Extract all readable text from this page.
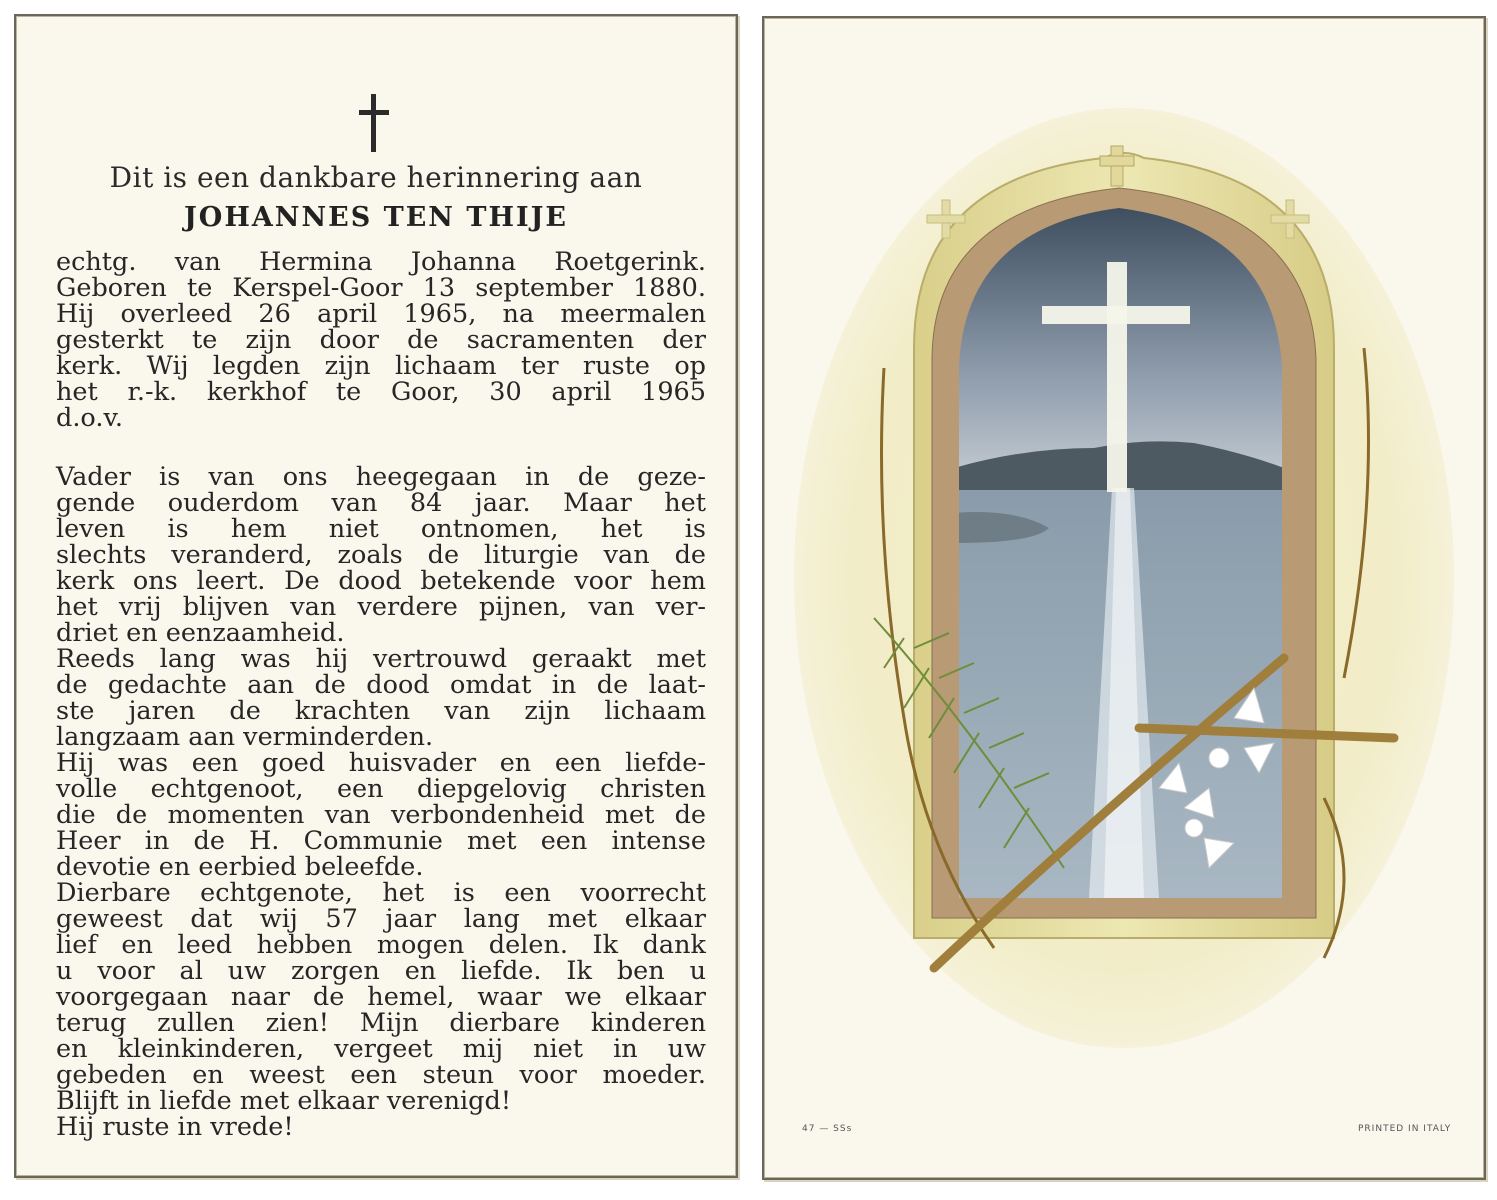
Dit is een dankbare herinnering aan
JOHANNES TEN THIJE
echtg. van Hermina Johanna Roetgerink.
Geboren te Kerspel-Goor 13 september 1880.
Hij overleed 26 april 1965, na meermalen
gesterkt te zijn door de sacramenten der
kerk. Wij legden zijn lichaam ter ruste op
het r.-k. kerkhof te Goor, 30 april 1965
d.o.v.
Vader is van ons heegegaan in de geze-
gende ouderdom van 84 jaar. Maar het
leven is hem niet ontnomen, het is
slechts veranderd, zoals de liturgie van de
kerk ons leert. De dood betekende voor hem
het vrij blijven van verdere pijnen, van ver-
driet en eenzaamheid.
Reeds lang was hij vertrouwd geraakt met
de gedachte aan de dood omdat in de laat-
ste jaren de krachten van zijn lichaam
langzaam aan verminderden.
Hij was een goed huisvader en een liefde-
volle echtgenoot, een diepgelovig christen
die de momenten van verbondenheid met de
Heer in de H. Communie met een intense
devotie en eerbied beleefde.
Dierbare echtgenote, het is een voorrecht
geweest dat wij 57 jaar lang met elkaar
lief en leed hebben mogen delen. Ik dank
u voor al uw zorgen en liefde. Ik ben u
voorgegaan naar de hemel, waar we elkaar
terug zullen zien! Mijn dierbare kinderen
en kleinkinderen, vergeet mij niet in uw
gebeden en weest een steun voor moeder.
Blijft in liefde met elkaar verenigd!
Hij ruste in vrede!	47 — SSs	PRINTED IN ITALY
